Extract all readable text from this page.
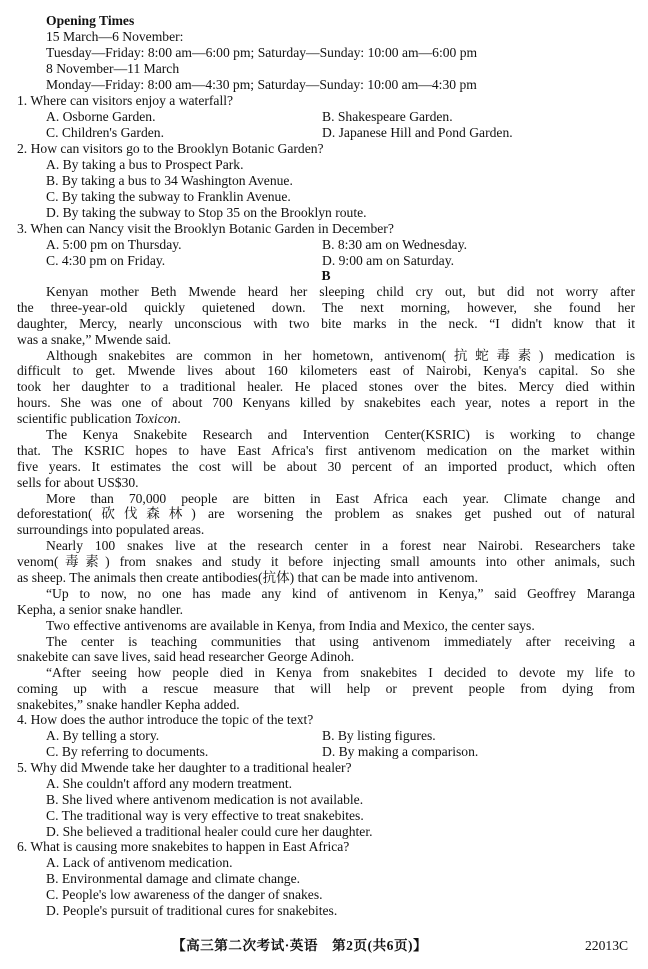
Opening Times
15 March—6 November:
Tuesday—Friday: 8:00 am—6:00 pm; Saturday—Sunday: 10:00 am—6:00 pm
8 November—11 March
Monday—Friday: 8:00 am—4:30 pm; Saturday—Sunday: 10:00 am—4:30 pm
1. Where can visitors enjoy a waterfall?
A. Osborne Garden.	B. Shakespeare Garden.
C. Children's Garden.	D. Japanese Hill and Pond Garden.
2. How can visitors go to the Brooklyn Botanic Garden?
A. By taking a bus to Prospect Park.
B. By taking a bus to 34 Washington Avenue.
C. By taking the subway to Franklin Avenue.
D. By taking the subway to Stop 35 on the Brooklyn route.
3. When can Nancy visit the Brooklyn Botanic Garden in December?
A. 5:00 pm on Thursday.	B. 8:30 am on Wednesday.
C. 4:30 pm on Friday.	D. 9:00 am on Saturday.
B
Kenyan mother Beth Mwende heard her sleeping child cry out, but did not worry after
the three-year-old quickly quietened down. The next morning, however, she found her
daughter, Mercy, nearly unconscious with two bite marks in the neck. “I didn't know that it
was a snake,” Mwende said.
Although snakebites are common in her hometown, antivenom(抗蛇毒素) medication is
difficult to get. Mwende lives about 160 kilometers east of Nairobi, Kenya's capital. So she
took her daughter to a traditional healer. He placed stones over the bites. Mercy died within
hours. She was one of about 700 Kenyans killed by snakebites each year, notes a report in the
scientific publication Toxicon.
The Kenya Snakebite Research and Intervention Center(KSRIC) is working to change
that. The KSRIC hopes to have East Africa's first antivenom medication on the market within
five years. It estimates the cost will be about 30 percent of an imported product, which often
sells for about US$30.
More than 70,000 people are bitten in East Africa each year. Climate change and
deforestation(砍伐森林) are worsening the problem as snakes get pushed out of natural
surroundings into populated areas.
Nearly 100 snakes live at the research center in a forest near Nairobi. Researchers take
venom(毒素) from snakes and study it before injecting small amounts into other animals, such
as sheep. The animals then create antibodies(抗体) that can be made into antivenom.
“Up to now, no one has made any kind of antivenom in Kenya,” said Geoffrey Maranga
Kepha, a senior snake handler.
Two effective antivenoms are available in Kenya, from India and Mexico, the center says.
The center is teaching communities that using antivenom immediately after receiving a
snakebite can save lives, said head researcher George Adinoh.
“After seeing how people died in Kenya from snakebites I decided to devote my life to
coming up with a rescue measure that will help or prevent people from dying from
snakebites,” snake handler Kepha added.
4. How does the author introduce the topic of the text?
A. By telling a story.	B. By listing figures.
C. By referring to documents.	D. By making a comparison.
5. Why did Mwende take her daughter to a traditional healer?
A. She couldn't afford any modern treatment.
B. She lived where antivenom medication is not available.
C. The traditional way is very effective to treat snakebites.
D. She believed a traditional healer could cure her daughter.
6. What is causing more snakebites to happen in East Africa?
A. Lack of antivenom medication.
B. Environmental damage and climate change.
C. People's low awareness of the danger of snakes.
D. People's pursuit of traditional cures for snakebites.
【高三第二次考试·英语　第2页(共6页)】	22013C
